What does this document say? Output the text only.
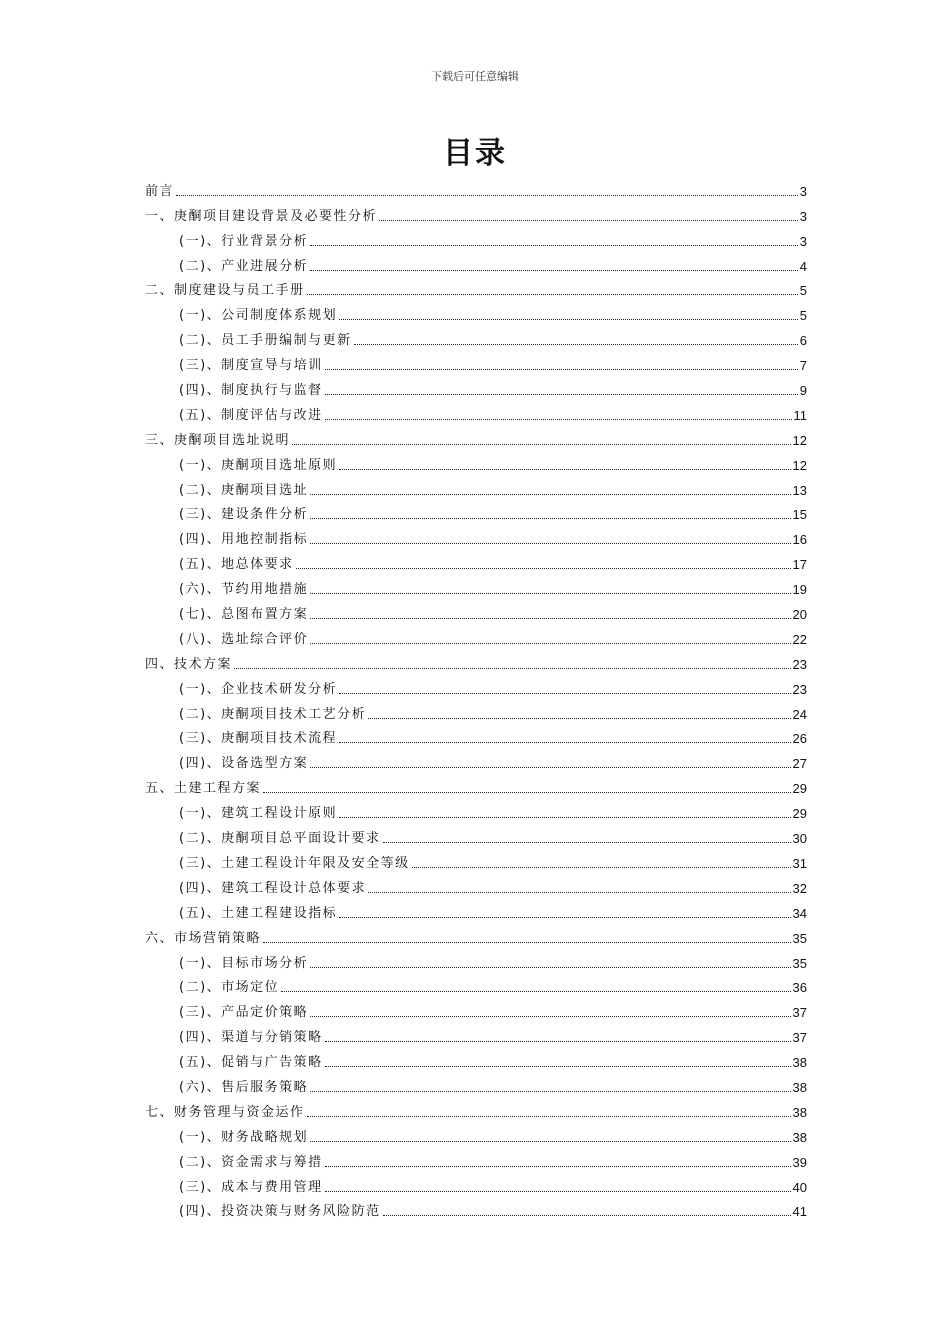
下载后可任意编辑
目录
前言	3
一、庚酮项目建设背景及必要性分析	3
(一)、行业背景分析	3
(二)、产业进展分析	4
二、制度建设与员工手册	5
(一)、公司制度体系规划	5
(二)、员工手册编制与更新	6
(三)、制度宣导与培训	7
(四)、制度执行与监督	9
(五)、制度评估与改进	11
三、庚酮项目选址说明	12
(一)、庚酮项目选址原则	12
(二)、庚酮项目选址	13
(三)、建设条件分析	15
(四)、用地控制指标	16
(五)、地总体要求	17
(六)、节约用地措施	19
(七)、总图布置方案	20
(八)、选址综合评价	22
四、技术方案	23
(一)、企业技术研发分析	23
(二)、庚酮项目技术工艺分析	24
(三)、庚酮项目技术流程	26
(四)、设备选型方案	27
五、土建工程方案	29
(一)、建筑工程设计原则	29
(二)、庚酮项目总平面设计要求	30
(三)、土建工程设计年限及安全等级	31
(四)、建筑工程设计总体要求	32
(五)、土建工程建设指标	34
六、市场营销策略	35
(一)、目标市场分析	35
(二)、市场定位	36
(三)、产品定价策略	37
(四)、渠道与分销策略	37
(五)、促销与广告策略	38
(六)、售后服务策略	38
七、财务管理与资金运作	38
(一)、财务战略规划	38
(二)、资金需求与筹措	39
(三)、成本与费用管理	40
(四)、投资决策与财务风险防范	41
